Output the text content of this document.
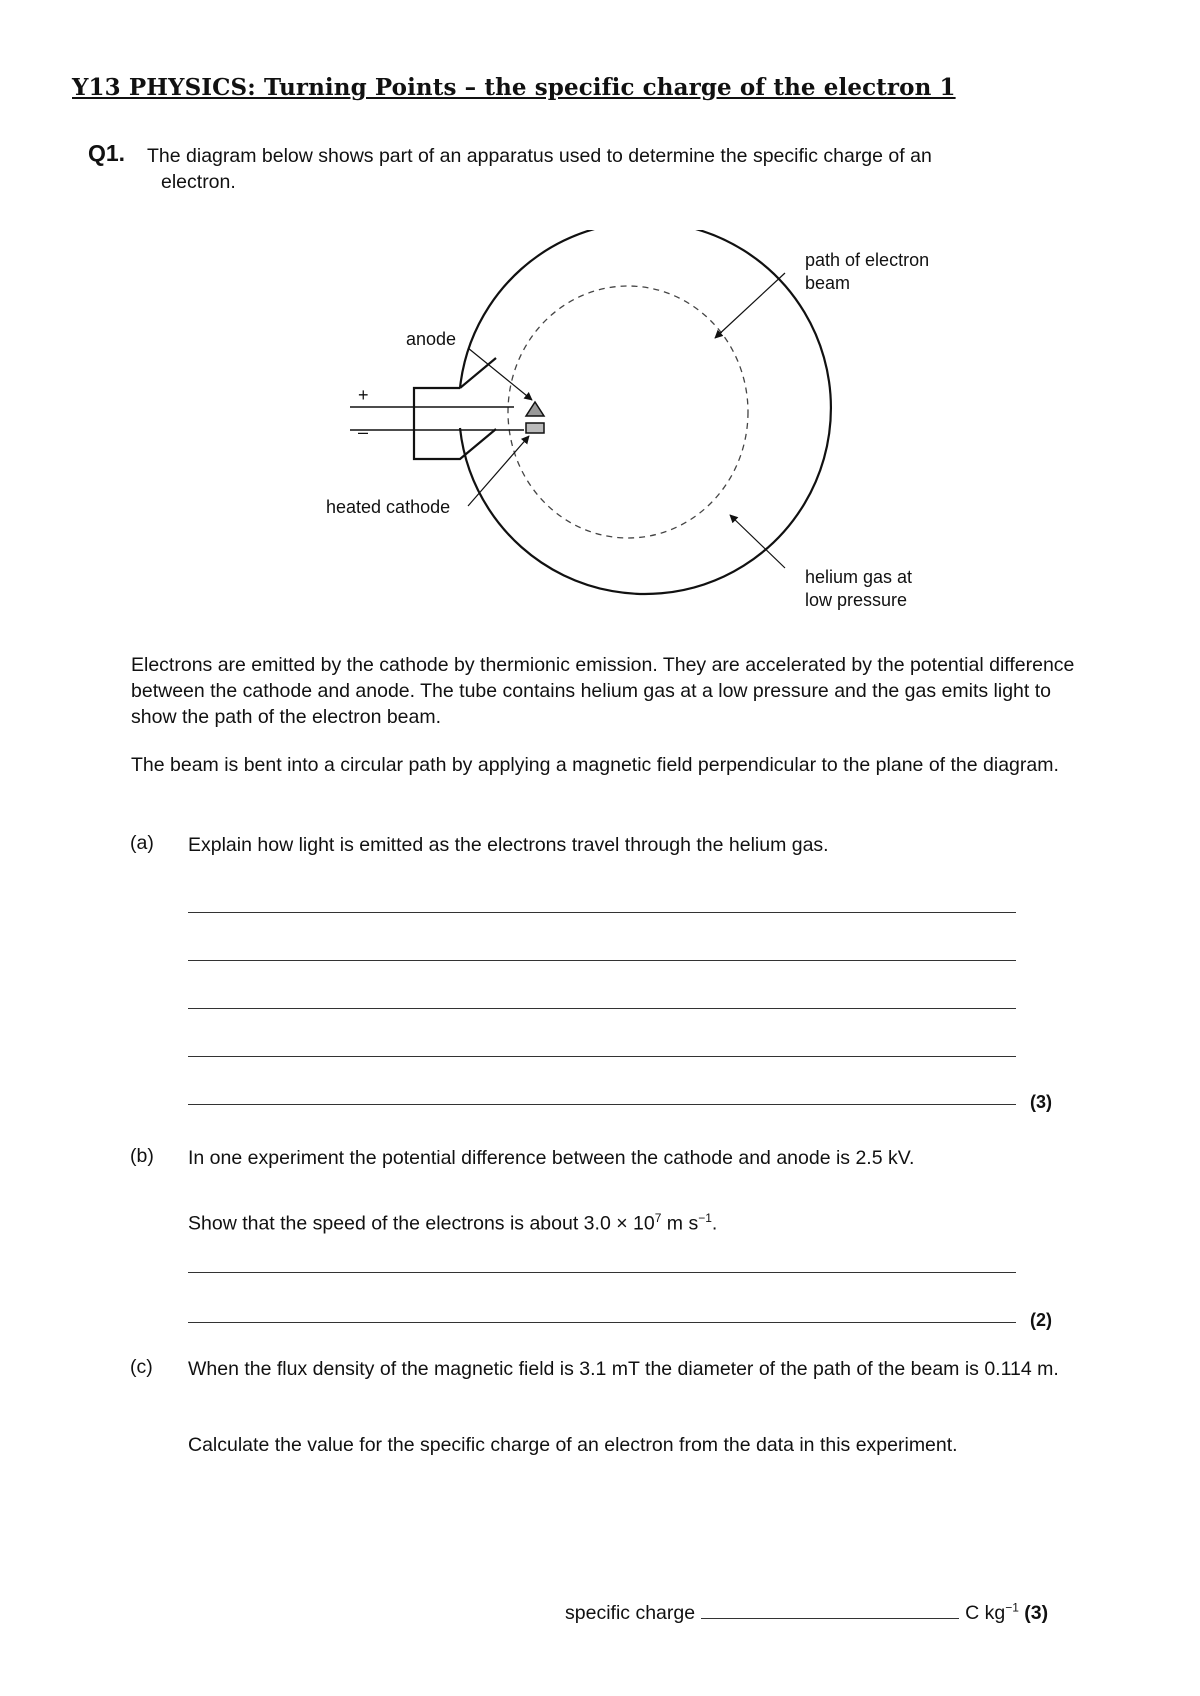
Y13 PHYSICS: Turning Points – the specific charge of the electron 1
Q1. The diagram below shows part of an apparatus used to determine the specific charge of an
electron.
path of electron
beam
anode
+
–
heated cathode
helium gas at
low pressure
Electrons are emitted by the cathode by thermionic emission. They are accelerated by the potential difference between the cathode and anode. The tube contains helium gas at a low pressure and the gas emits light to show the path of the electron beam.
The beam is bent into a circular path by applying a magnetic field perpendicular to the plane of the diagram.
(a) Explain how light is emitted as the electrons travel through the helium gas.
(3)
(b) In one experiment the potential difference between the cathode and anode is 2.5 kV.
Show that the speed of the electrons is about $3.0 \times 10^7$ m $s^{-1}$.
(2)
(c) When the flux density of the magnetic field is 3.1 mT the diameter of the path of the beam is 0.114 m.
Calculate the value for the specific charge of an electron from the data in this experiment.
specific charge	C $kg^{-1}$ (3)
